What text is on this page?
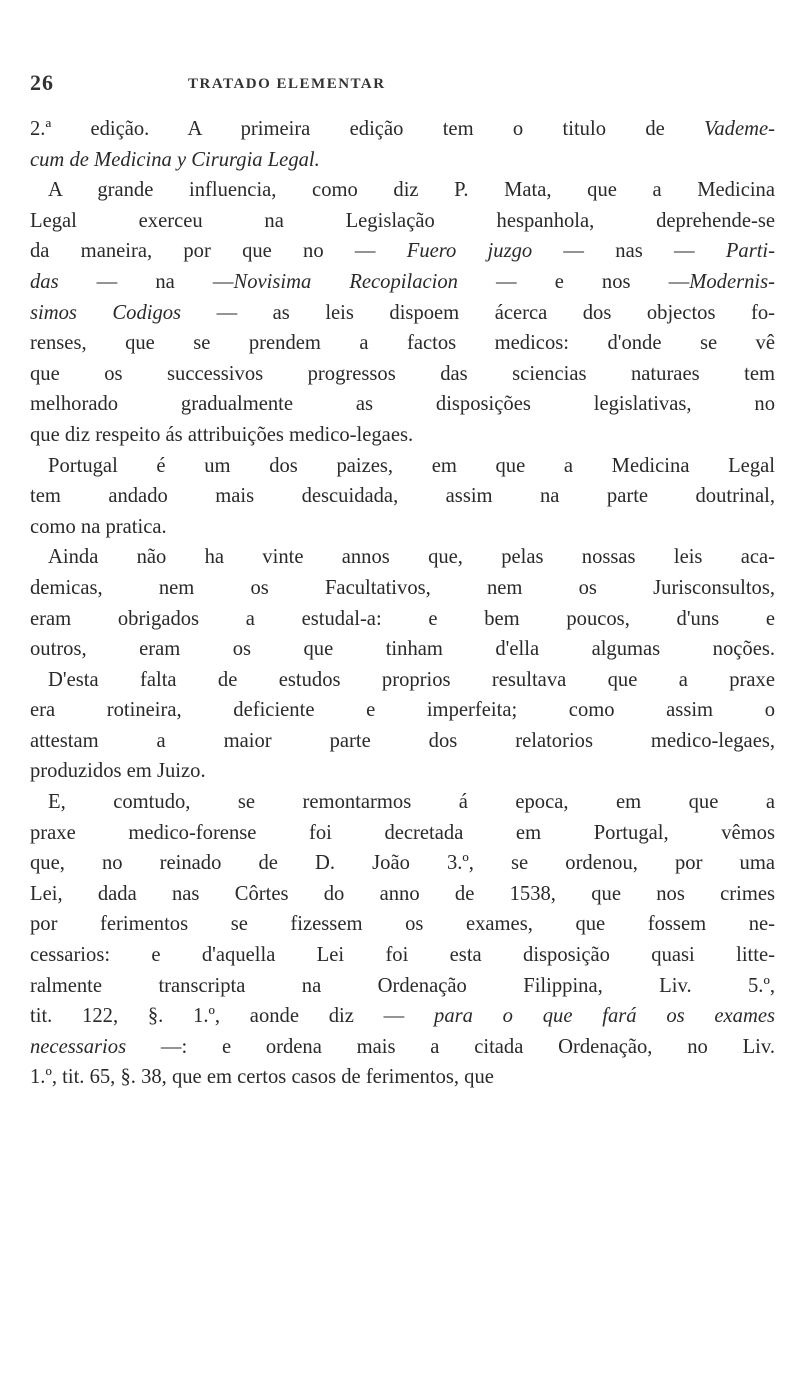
26	TRATADO ELEMENTAR
2.ª edição. A primeira edição tem o titulo de Vademe-
cum de Medicina y Cirurgia Legal.
A grande influencia, como diz P. Mata, que a Medicina
Legal exerceu na Legislação hespanhola, deprehende-se
da maneira, por que no — Fuero juzgo — nas — Parti-
das — na —Novisima Recopilacion — e nos —Modernis-
simos Codigos — as leis dispoem ácerca dos objectos fo-
renses, que se prendem a factos medicos: d'onde se vê
que os successivos progressos das sciencias naturaes tem
melhorado gradualmente as disposições legislativas, no
que diz respeito ás attribuições medico-legaes.
Portugal é um dos paizes, em que a Medicina Legal
tem andado mais descuidada, assim na parte doutrinal,
como na pratica.
Ainda não ha vinte annos que, pelas nossas leis aca-
demicas, nem os Facultativos, nem os Jurisconsultos,
eram obrigados a estudal-a: e bem poucos, d'uns e
outros, eram os que tinham d'ella algumas noções.
D'esta falta de estudos proprios resultava que a praxe
era rotineira, deficiente e imperfeita; como assim o
attestam a maior parte dos relatorios medico-legaes,
produzidos em Juizo.
E, comtudo, se remontarmos á epoca, em que a
praxe medico-forense foi decretada em Portugal, vêmos
que, no reinado de D. João 3.º, se ordenou, por uma
Lei, dada nas Côrtes do anno de 1538, que nos crimes
por ferimentos se fizessem os exames, que fossem ne-
cessarios: e d'aquella Lei foi esta disposição quasi litte-
ralmente transcripta na Ordenação Filippina, Liv. 5.º,
tit. 122, §. 1.º, aonde diz — para o que fará os exames
necessarios —: e ordena mais a citada Ordenação, no Liv.
1.º, tit. 65, §. 38, que em certos casos de ferimentos, que
